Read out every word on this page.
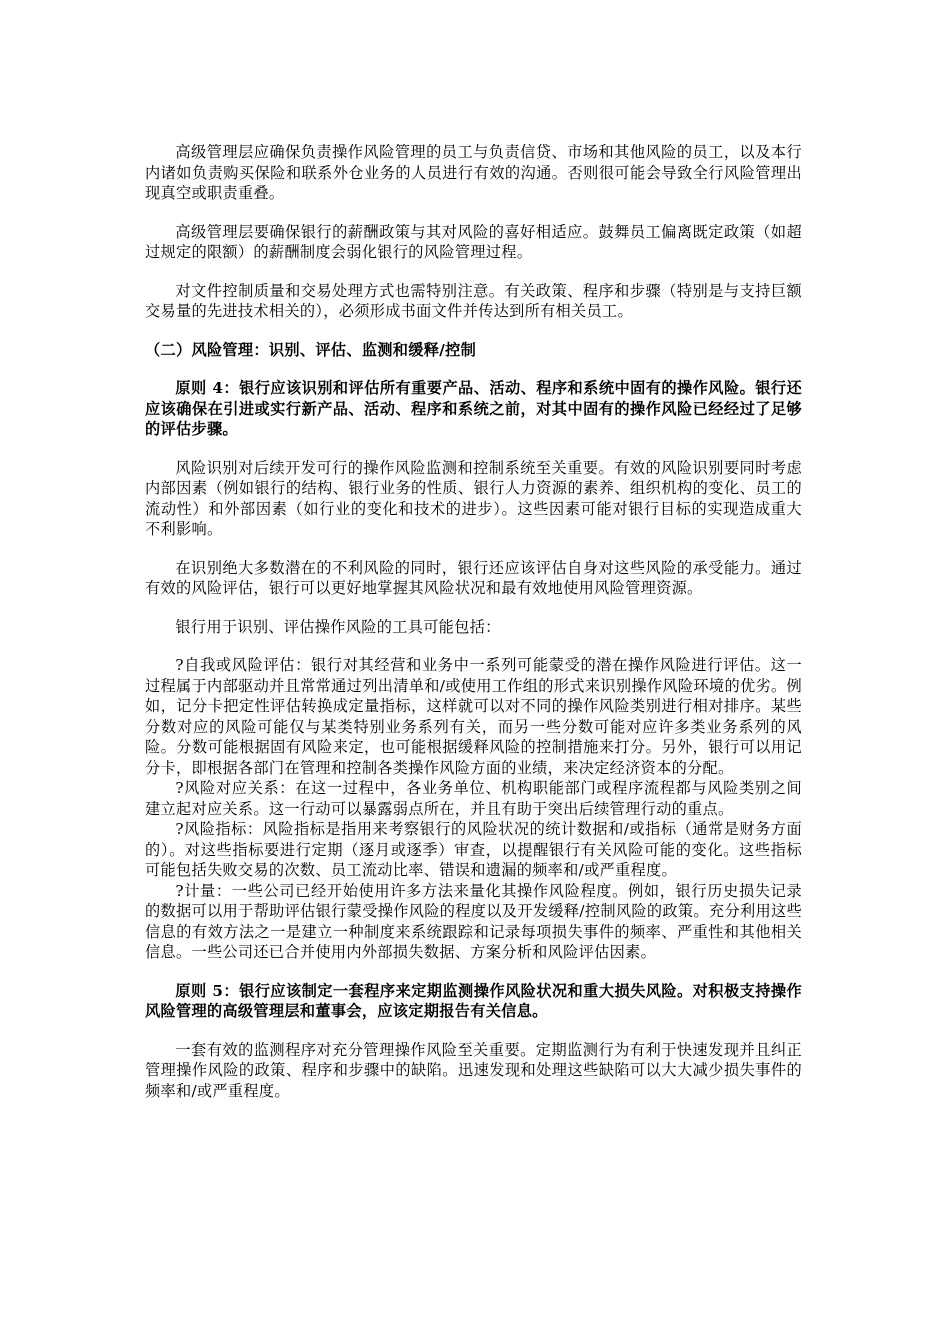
高级管理层应确保负责操作风险管理的员工与负责信贷、市场和其他风险的员工，以及本行内诸如负责购买保险和联系外仓业务的人员进行有效的沟通。否则很可能会导致全行风险管理出现真空或职责重叠。

高级管理层要确保银行的薪酬政策与其对风险的喜好相适应。鼓舞员工偏离既定政策（如超过规定的限额）的薪酬制度会弱化银行的风险管理过程。

对文件控制质量和交易处理方式也需特别注意。有关政策、程序和步骤（特别是与支持巨额交易量的先进技术相关的），必须形成书面文件并传达到所有相关员工。

（二）风险管理：识别、评估、监测和缓释/控制

原则 4：银行应该识别和评估所有重要产品、活动、程序和系统中固有的操作风险。银行还应该确保在引进或实行新产品、活动、程序和系统之前，对其中固有的操作风险已经经过了足够的评估步骤。

风险识别对后续开发可行的操作风险监测和控制系统至关重要。有效的风险识别要同时考虑内部因素（例如银行的结构、银行业务的性质、银行人力资源的素养、组织机构的变化、员工的流动性）和外部因素（如行业的变化和技术的进步）。这些因素可能对银行目标的实现造成重大不利影响。

在识别绝大多数潜在的不利风险的同时，银行还应该评估自身对这些风险的承受能力。通过有效的风险评估，银行可以更好地掌握其风险状况和最有效地使用风险管理资源。

银行用于识别、评估操作风险的工具可能包括：

?自我或风险评估：银行对其经营和业务中一系列可能蒙受的潜在操作风险进行评估。这一过程属于内部驱动并且常常通过列出清单和/或使用工作组的形式来识别操作风险环境的优劣。例如，记分卡把定性评估转换成定量指标，这样就可以对不同的操作风险类别进行相对排序。某些分数对应的风险可能仅与某类特别业务系列有关，而另一些分数可能对应许多类业务系列的风险。分数可能根据固有风险来定，也可能根据缓释风险的控制措施来打分。另外，银行可以用记分卡，即根据各部门在管理和控制各类操作风险方面的业绩，来决定经济资本的分配。

?风险对应关系：在这一过程中，各业务单位、机构职能部门或程序流程都与风险类别之间建立起对应关系。这一行动可以暴露弱点所在，并且有助于突出后续管理行动的重点。

?风险指标：风险指标是指用来考察银行的风险状况的统计数据和/或指标（通常是财务方面的）。对这些指标要进行定期（逐月或逐季）审查，以提醒银行有关风险可能的变化。这些指标可能包括失败交易的次数、员工流动比率、错误和遗漏的频率和/或严重程度。

?计量：一些公司已经开始使用许多方法来量化其操作风险程度。例如，银行历史损失记录的数据可以用于帮助评估银行蒙受操作风险的程度以及开发缓释/控制风险的政策。充分利用这些信息的有效方法之一是建立一种制度来系统跟踪和记录每项损失事件的频率、严重性和其他相关信息。一些公司还已合并使用内外部损失数据、方案分析和风险评估因素。

原则 5：银行应该制定一套程序来定期监测操作风险状况和重大损失风险。对积极支持操作风险管理的高级管理层和董事会，应该定期报告有关信息。

一套有效的监测程序对充分管理操作风险至关重要。定期监测行为有利于快速发现并且纠正管理操作风险的政策、程序和步骤中的缺陷。迅速发现和处理这些缺陷可以大大减少损失事件的频率和/或严重程度。
